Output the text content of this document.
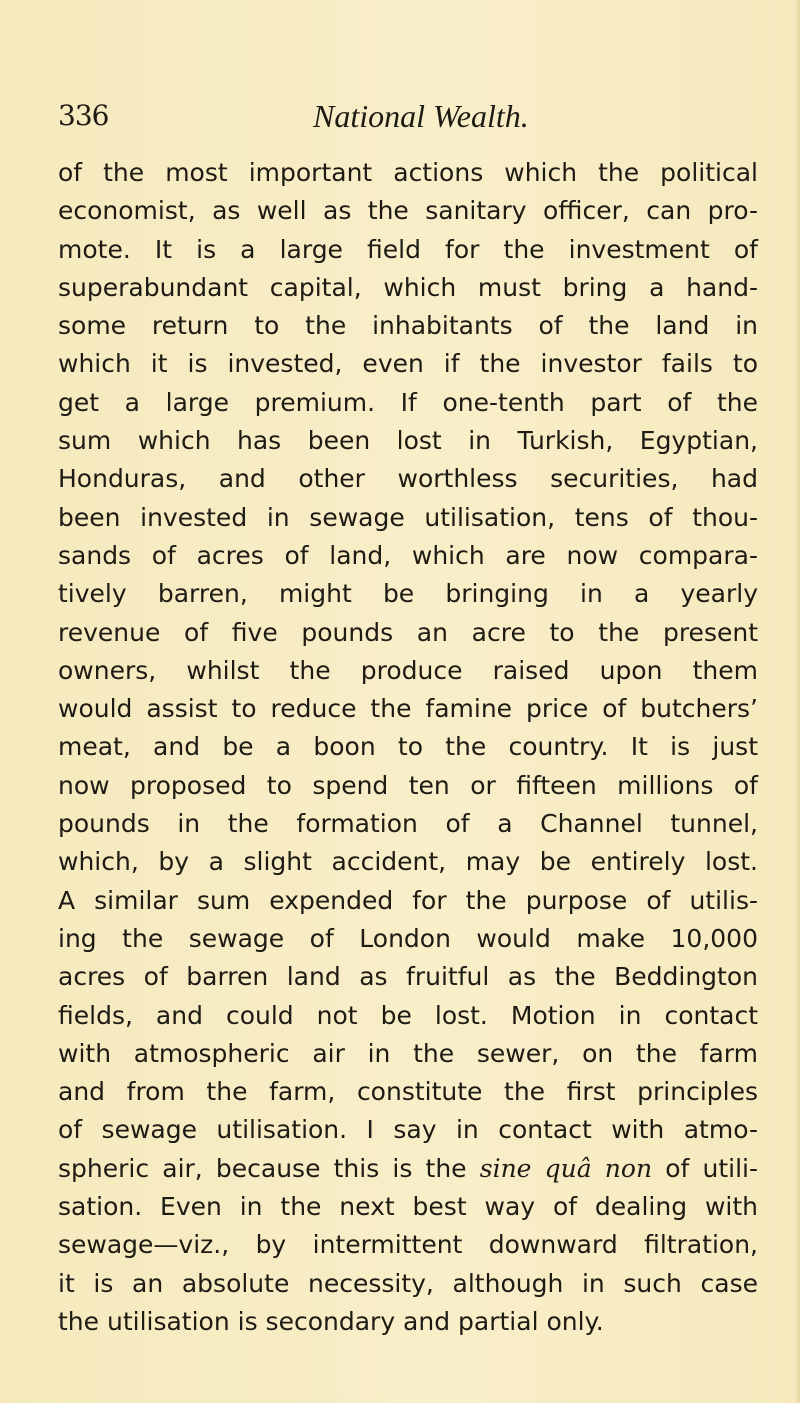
336	National Wealth.
of the most important actions which the political
economist, as well as the sanitary officer, can pro-
mote. It is a large field for the investment of
superabundant capital, which must bring a hand-
some return to the inhabitants of the land in
which it is invested, even if the investor fails to
get a large premium. If one-tenth part of the
sum which has been lost in Turkish, Egyptian,
Honduras, and other worthless securities, had
been invested in sewage utilisation, tens of thou-
sands of acres of land, which are now compara-
tively barren, might be bringing in a yearly
revenue of five pounds an acre to the present
owners, whilst the produce raised upon them
would assist to reduce the famine price of butchers’
meat, and be a boon to the country. It is just
now proposed to spend ten or fifteen millions of
pounds in the formation of a Channel tunnel,
which, by a slight accident, may be entirely lost.
A similar sum expended for the purpose of utilis-
ing the sewage of London would make 10,000
acres of barren land as fruitful as the Beddington
fields, and could not be lost. Motion in contact
with atmospheric air in the sewer, on the farm
and from the farm, constitute the first principles
of sewage utilisation. I say in contact with atmo-
spheric air, because this is the sine quâ non of utili-
sation. Even in the next best way of dealing with
sewage—viz., by intermittent downward filtration,
it is an absolute necessity, although in such case
the utilisation is secondary and partial only.
